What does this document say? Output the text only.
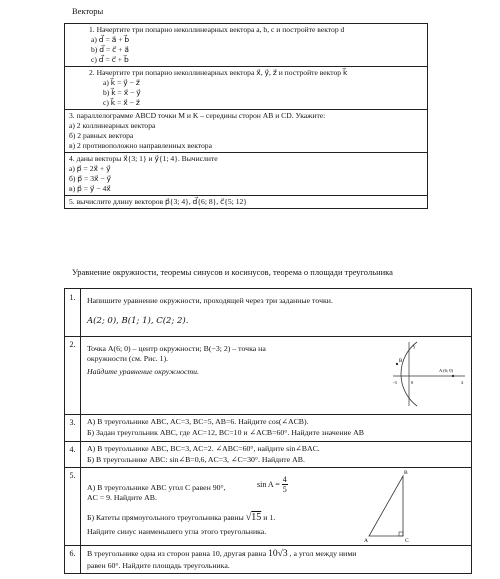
Векторы
1. Начертите три попарно неколлинеарных вектора a, b, c и постройте вектор d
a) d⃗ = a⃗ + b⃗
b) d⃗ = c⃗ + a⃗
c) d⃗ = c⃗ + b⃗
2. Начертите три попарно неколлинеарных вектора x⃗, y⃗, z⃗ и постройте вектор k⃗
a) k⃗ = y⃗ − z⃗
b) k⃗ = x⃗ − y⃗
c) k⃗ = x⃗ − z⃗
3. параллелограмме ABCD точки M и K – середины сторон AB и CD. Укажите:
а) 2 коллинеарных вектора
б) 2 равных вектора
в) 2 противоположно направленных вектора
4. даны векторы x⃗{3; 1} и y⃗{1; 4}. Вычислите
а) p⃗ = 2x⃗ + y⃗
б) p⃗ = 3x⃗ − y⃗
в) p⃗ = y⃗ − 4x⃗
5. вычислите длину векторов p⃗{3; 4}, d⃗{6; 8}, c⃗{5; 12}
Уравнение окружности, теоремы синусов и косинусов, теорема о площади треугольника
1.	Напишите уравнение окружности, проходящей через три заданные точки.
A(2; 0), B(1; 1), C(2; 2).
2.	Точка A(6; 0) – центр окружности; B(−3; 2) – точка на
окружности (см. Рис. 1).
Найдите уравнение окружности.
y
x
B
A (6; 0)
-3	0
3.	А) В треугольнике ABC, AC=3, BC=5, AB=6. Найдите cos(∠ACB).
Б) Задан треугольник ABC, где AC=12, BC=10 и ∠ACB=60°. Найдите значение AB
4.	А) В треугольнике ABC, BC=3, AC=2. ∠ABC=60°, найдите sin∠BAC.
Б) В треугольнике ABC: sin∠B=0,6, AC=3, ∠C=30°. Найдите AB.
5.
А) В треугольнике ABC угол C равен 90°,
AC = 9. Найдите AB.
$\sin A = \frac{4}{5}$
Б) Катеты прямоугольного треугольника равны √15 и 1.
Найдите синус наименьшего угла этого треугольника.
A
B
C
6.	В треугольнике одна из сторон равна 10, другая равна 10√3 , а угол между ними
равен 60°. Найдите площадь треугольника.
